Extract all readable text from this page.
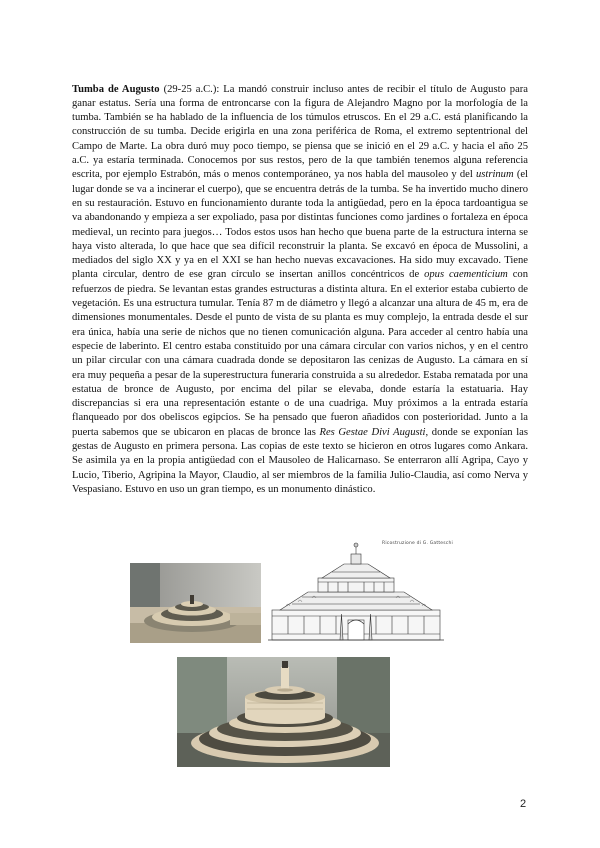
Tumba de Augusto (29-25 a.C.): La mandó construir incluso antes de recibir el título de Augusto para ganar estatus. Sería una forma de entroncarse con la figura de Alejandro Magno por la morfología de la tumba. También se ha hablado de la influencia de los túmulos etruscos. En el 29 a.C. está planificando la construcción de su tumba. Decide erigirla en una zona periférica de Roma, el extremo septentrional del Campo de Marte. La obra duró muy poco tiempo, se piensa que se inició en el 29 a.C. y hacia el año 25 a.C. ya estaría terminada. Conocemos por sus restos, pero de la que también tenemos alguna referencia escrita, por ejemplo Estrabón, más o menos contemporáneo, ya nos habla del mausoleo y del ustrinum (el lugar donde se va a incinerar el cuerpo), que se encuentra detrás de la tumba. Se ha invertido mucho dinero en su restauración. Estuvo en funcionamiento durante toda la antigüedad, pero en la época tardoantigua se va abandonando y empieza a ser expoliado, pasa por distintas funciones como jardines o fortaleza en época medieval, un recinto para juegos… Todos estos usos han hecho que buena parte de la estructura interna se haya visto alterada, lo que hace que sea difícil reconstruir la planta. Se excavó en época de Mussolini, a mediados del siglo XX y ya en el XXI se han hecho nuevas excavaciones. Ha sido muy excavado. Tiene planta circular, dentro de ese gran círculo se insertan anillos concéntricos de opus caementicium con refuerzos de piedra. Se levantan estas grandes estructuras a distinta altura. En el exterior estaba cubierto de vegetación. Es una estructura tumular. Tenía 87 m de diámetro y llegó a alcanzar una altura de 45 m, era de dimensiones monumentales. Desde el punto de vista de su planta es muy complejo, la entrada desde el sur era única, había una serie de nichos que no tienen comunicación alguna. Para acceder al centro había una especie de laberinto. El centro estaba constituido por una cámara circular con varios nichos, y en el centro un pilar circular con una cámara cuadrada donde se depositaron las cenizas de Augusto. La cámara en sí era muy pequeña a pesar de la superestructura funeraria construida a su alrededor. Estaba rematada por una estatua de bronce de Augusto, por encima del pilar se elevaba, donde estaría la estatuaria. Hay discrepancias si era una representación estante o de una cuadriga. Muy próximos a la entrada estaría flanqueado por dos obeliscos egipcios. Se ha pensado que fueron añadidos con posterioridad. Junto a la puerta sabemos que se ubicaron en placas de bronce las Res Gestae Divi Augusti, donde se exponían las gestas de Augusto en primera persona. Las copias de este texto se hicieron en otros lugares como Ankara. Se asimila ya en la propia antigüedad con el Mausoleo de Halicarnaso. Se enterraron allí Agripa, Cayo y Lucio, Tiberio, Agripina la Mayor, Claudio, al ser miembros de la familia Julio-Claudia, así como Nerva y Vespasiano. Estuvo en uso un gran tiempo, es un monumento dinástico.

Ricostruzione di G. Gatteschi
2
